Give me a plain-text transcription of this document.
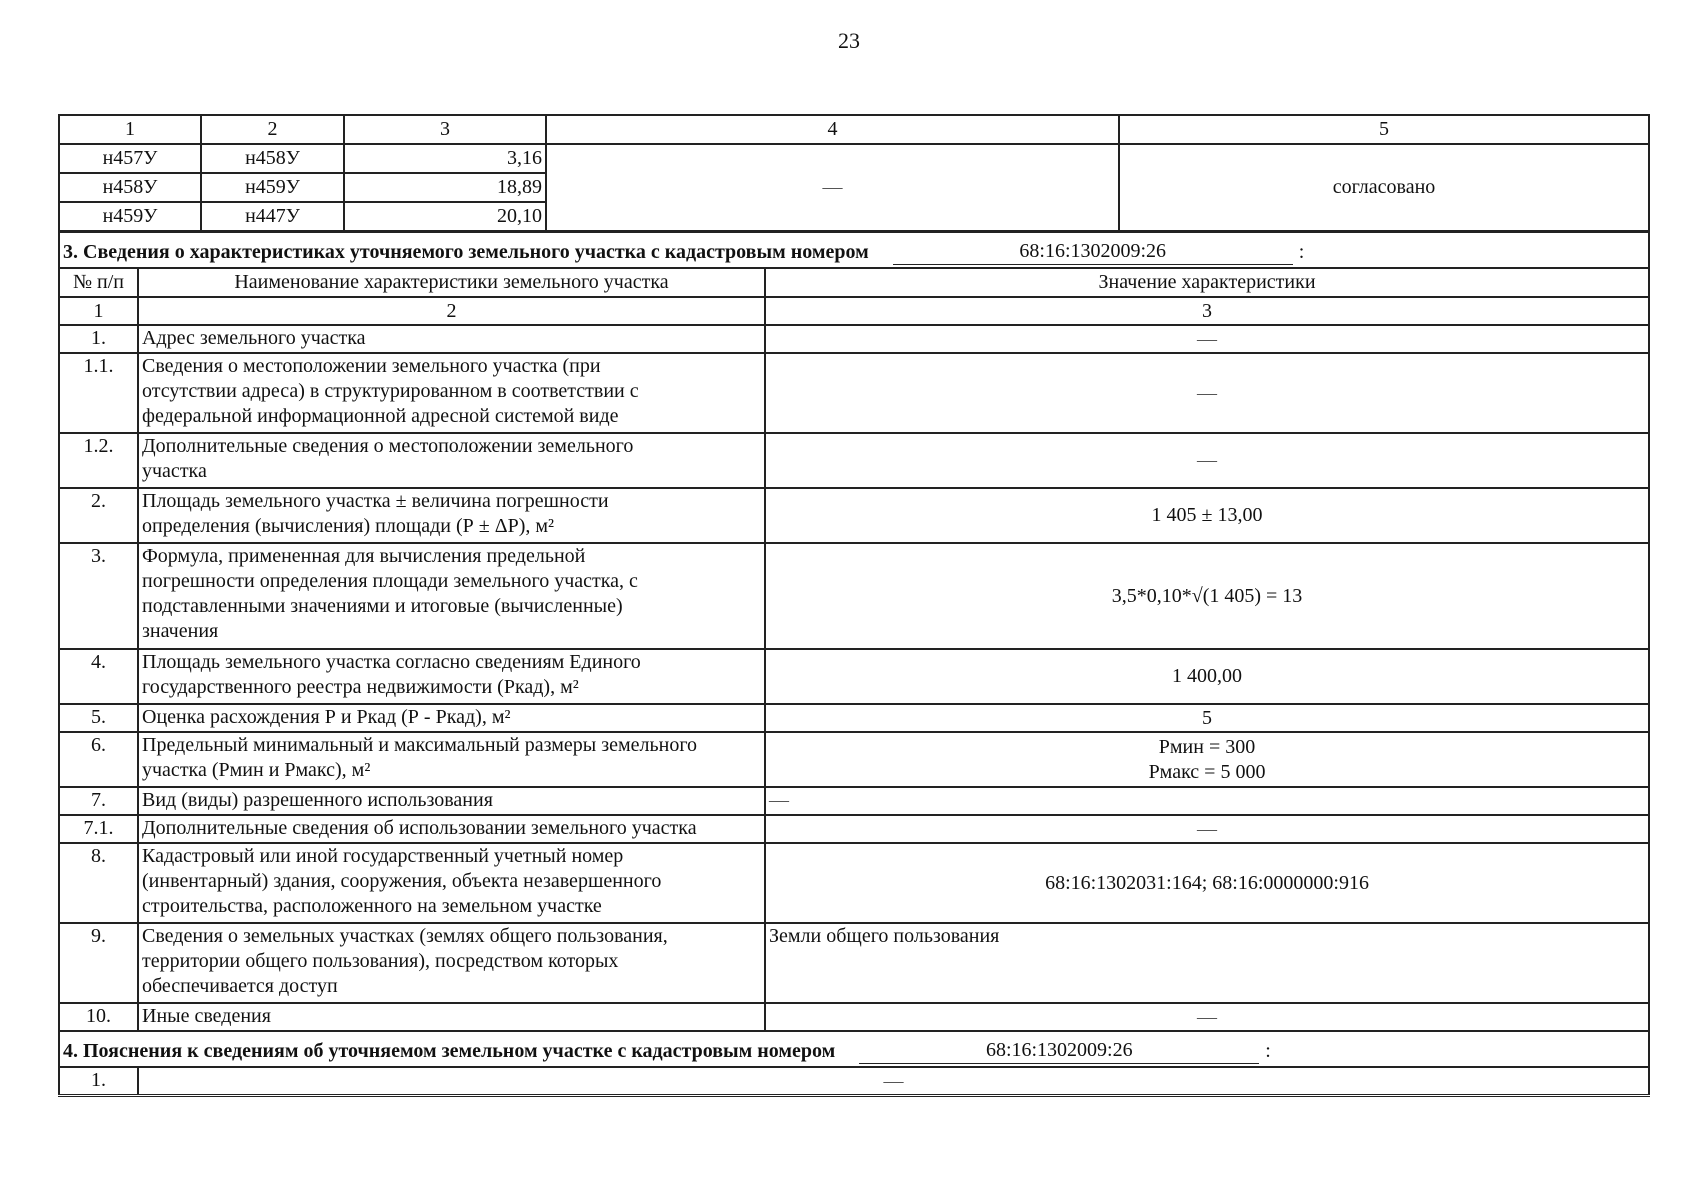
23
1	2	3	4	5
н457У	н458У	3,16	—	согласовано
н458У	н459У	18,89		
н459У	н447У	20,10		
3. Сведения о характеристиках уточняемого земельного участка с кадастровым номером 68:16:1302009:26 :		

№ п/п	Наименование характеристики земельного участка	Значение характеристики
1	2	3
1.	Адрес земельного участка	—
1.1.	Сведения о местоположении земельного участка (при
отсутствии адреса) в структурированном в соответствии с
федеральной информационной адресной системой виде	—
1.2.	Дополнительные сведения о местоположении земельного
участка	—
2.	Площадь земельного участка ± величина погрешности
определения (вычисления) площади (Р ± ΔР), м²	1 405 ± 13,00
3.	Формула, примененная для вычисления предельной
погрешности определения площади земельного участка, с
подставленными значениями и итоговые (вычисленные)
значения	3,5*0,10*√(1 405) = 13
4.	Площадь земельного участка согласно сведениям Единого
государственного реестра недвижимости (Ркад), м²	1 400,00
5.	Оценка расхождения Р и Ркад (Р - Ркад), м²	5
6.	Предельный минимальный и максимальный размеры земельного
участка (Рмин и Рмакс), м²	Рмин = 300
Рмакс = 5 000
7.	Вид (виды) разрешенного использования	—
7.1.	Дополнительные сведения об использовании земельного участка	—
8.	Кадастровый или иной государственный учетный номер
(инвентарный) здания, сооружения, объекта незавершенного
строительства, расположенного на земельном участке	68:16:1302031:164; 68:16:0000000:916
9.	Сведения о земельных участках (землях общего пользования,
территории общего пользования), посредством которых
обеспечивается доступ	Земли общего пользования
10.	Иные сведения	—

4. Пояснения к сведениям об уточняемом земельном участке с кадастровым номером 68:16:1302009:26 :		

1.	—	
